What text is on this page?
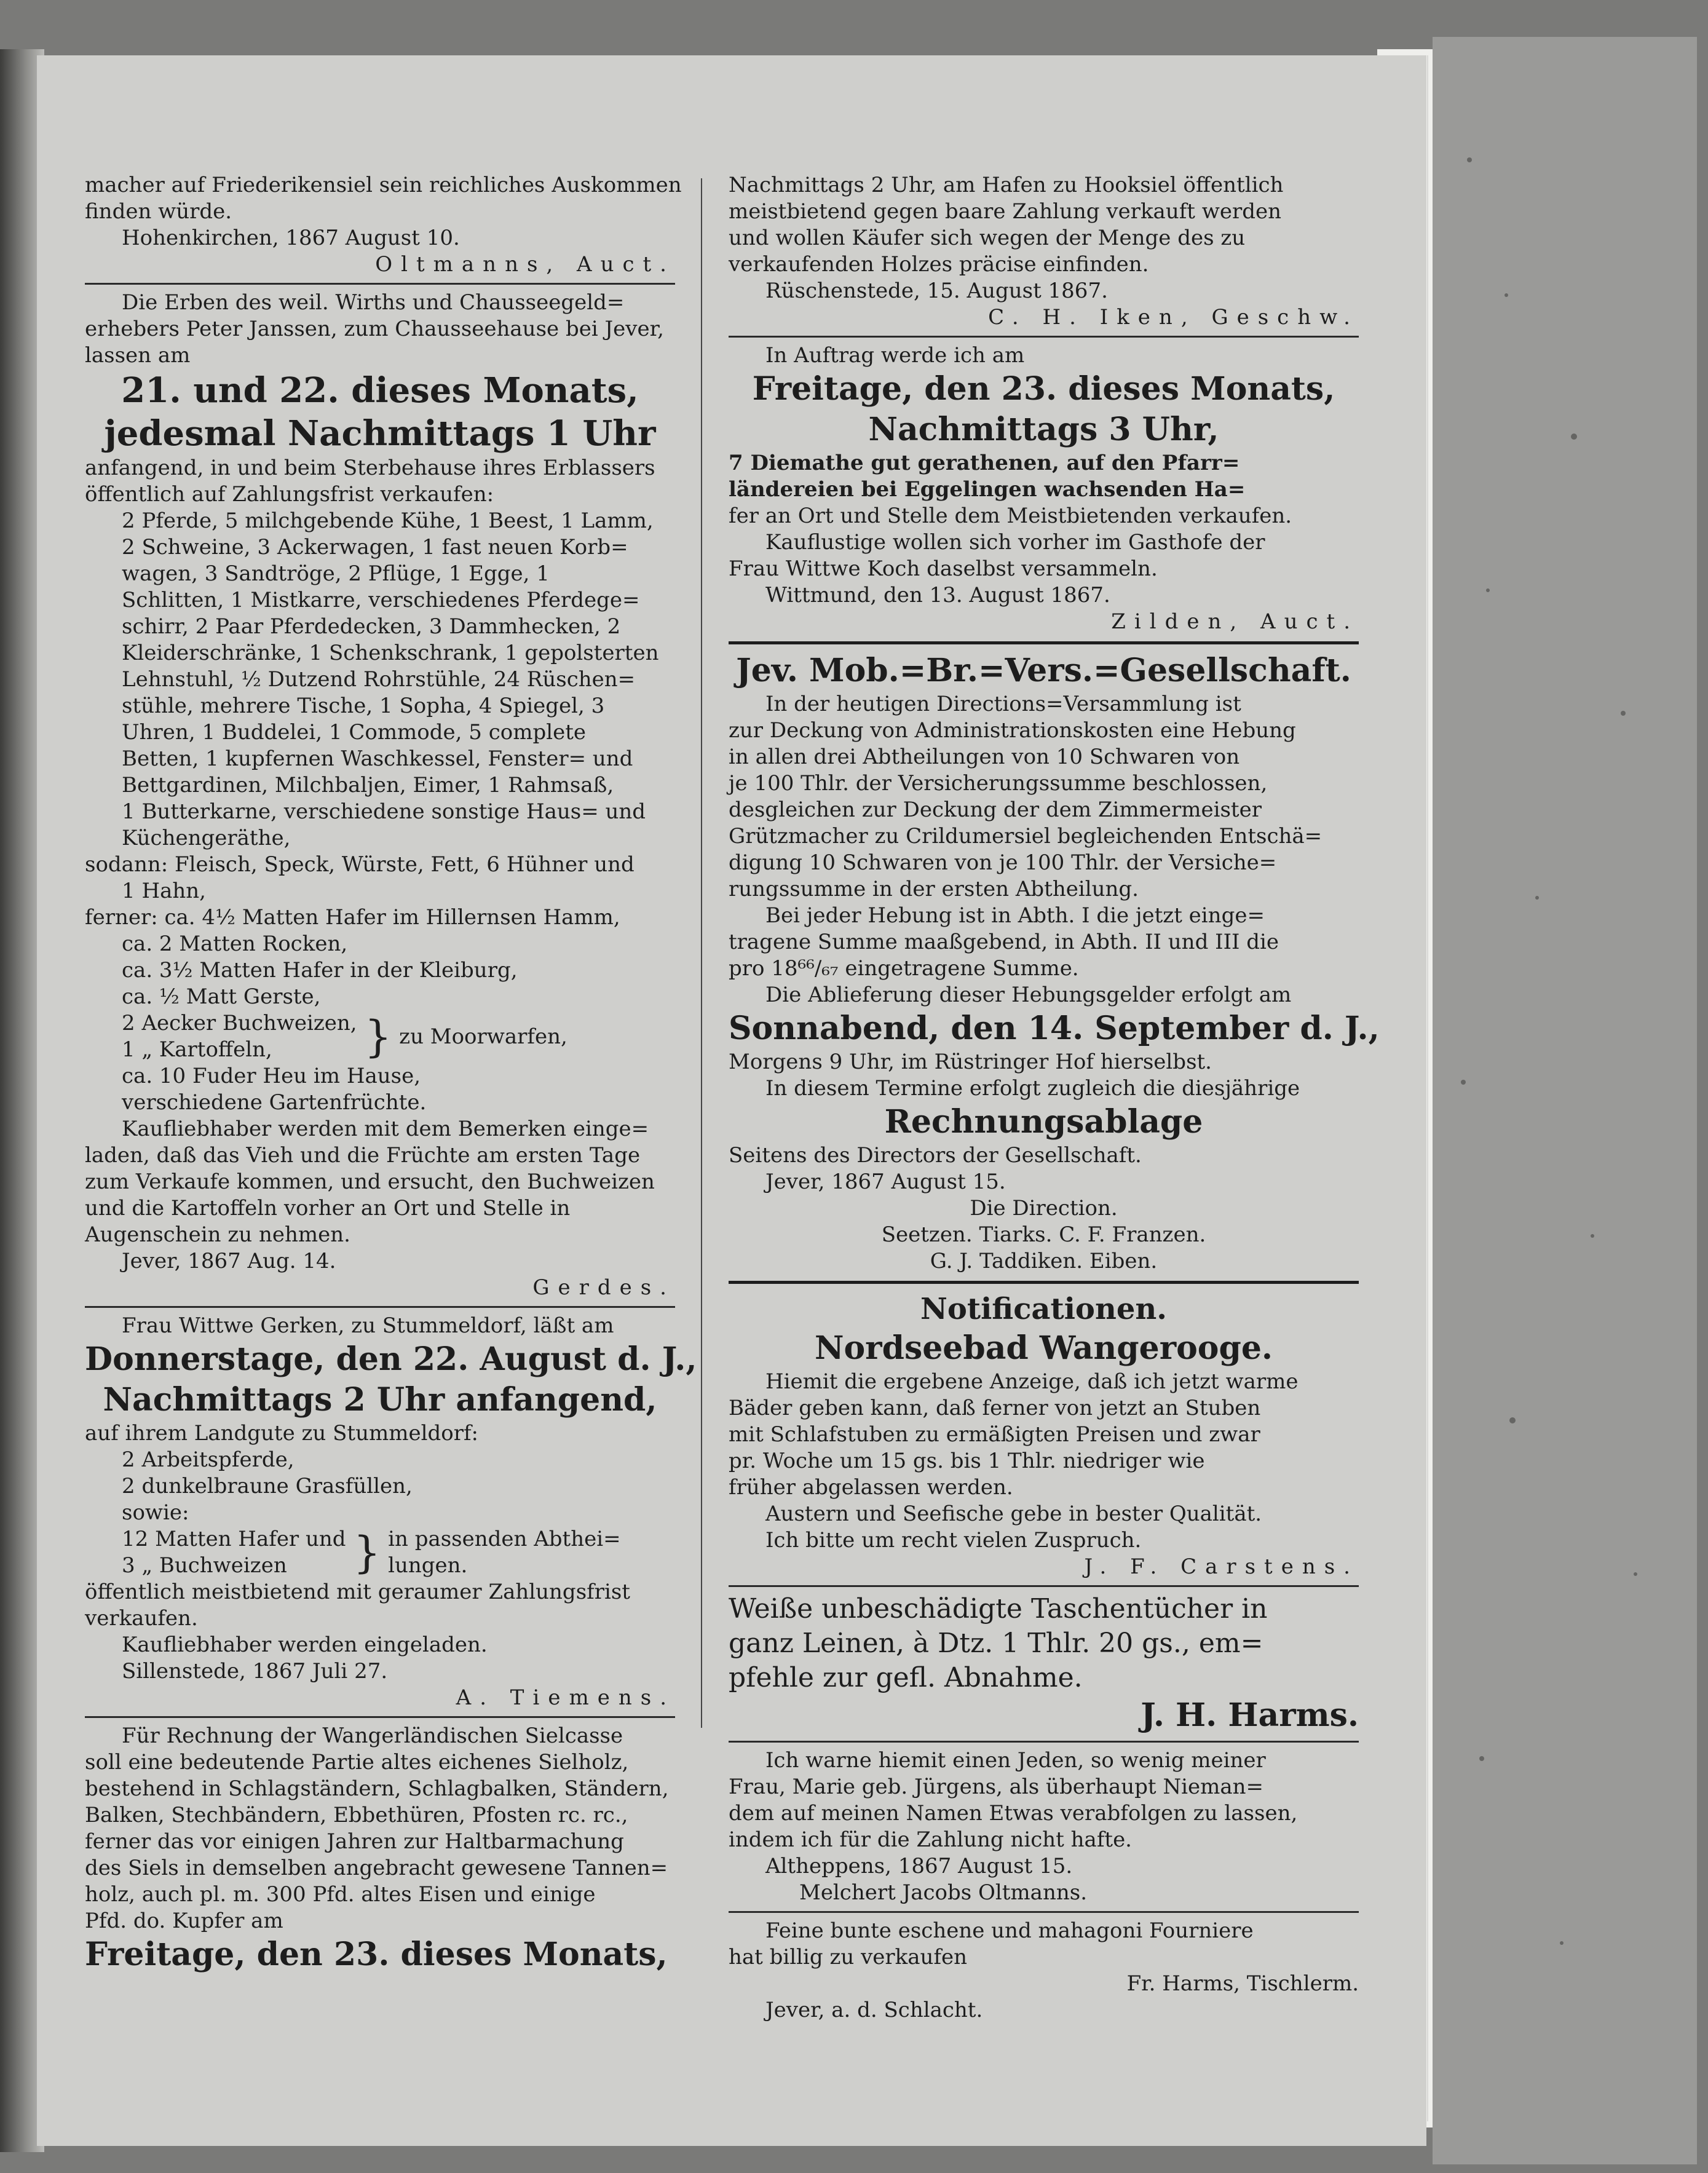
macher auf Friederikensiel sein reichliches Auskommen

finden würde.

Hohenkirchen, 1867 August 10.

Oltmanns, Auct.

Die Erben des weil. Wirths und Chausseegeld=

erhebers Peter Janssen, zum Chausseehause bei Jever,

lassen am

21. und 22. dieses Monats,

jedesmal Nachmittags 1 Uhr

anfangend, in und beim Sterbehause ihres Erblassers

öffentlich auf Zahlungsfrist verkaufen:

2 Pferde, 5 milchgebende Kühe, 1 Beest, 1 Lamm,

2 Schweine, 3 Ackerwagen, 1 fast neuen Korb=

wagen, 3 Sandtröge, 2 Pflüge, 1 Egge, 1

Schlitten, 1 Mistkarre, verschiedenes Pferdege=

schirr, 2 Paar Pferdedecken, 3 Dammhecken, 2

Kleiderschränke, 1 Schenkschrank, 1 gepolsterten

Lehnstuhl, ½ Dutzend Rohrstühle, 24 Rüschen=

stühle, mehrere Tische, 1 Sopha, 4 Spiegel, 3

Uhren, 1 Buddelei, 1 Commode, 5 complete

Betten, 1 kupfernen Waschkessel, Fenster= und

Bettgardinen, Milchbaljen, Eimer, 1 Rahmsaß,

1 Butterkarne, verschiedene sonstige Haus= und

Küchengeräthe,

sodann: Fleisch, Speck, Würste, Fett, 6 Hühner und

1 Hahn,

ferner: ca. 4½ Matten Hafer im Hillernsen Hamm,

ca. 2 Matten Rocken,

ca. 3½ Matten Hafer in der Kleiburg,

ca. ½ Matt Gerste,

2 Aecker Buchweizen,
1 „ Kartoffeln,	} zu Moorwarfen,

ca. 10 Fuder Heu im Hause,

verschiedene Gartenfrüchte.

Kaufliebhaber werden mit dem Bemerken einge=

laden, daß das Vieh und die Früchte am ersten Tage

zum Verkaufe kommen, und ersucht, den Buchweizen

und die Kartoffeln vorher an Ort und Stelle in

Augenschein zu nehmen.

Jever, 1867 Aug. 14.

Gerdes.

Frau Wittwe Gerken, zu Stummeldorf, läßt am

Donnerstage, den 22. August d. J.,

Nachmittags 2 Uhr anfangend,

auf ihrem Landgute zu Stummeldorf:

2 Arbeitspferde,

2 dunkelbraune Grasfüllen,

sowie:

12 Matten Hafer und
3 „ Buchweizen	} in passenden Abthei=
lungen.

öffentlich meistbietend mit geraumer Zahlungsfrist

verkaufen.

Kaufliebhaber werden eingeladen.

Sillenstede, 1867 Juli 27.

A. Tiemens.

Für Rechnung der Wangerländischen Sielcasse

soll eine bedeutende Partie altes eichenes Sielholz,

bestehend in Schlagständern, Schlagbalken, Ständern,

Balken, Stechbändern, Ebbethüren, Pfosten rc. rc.,

ferner das vor einigen Jahren zur Haltbarmachung

des Siels in demselben angebracht gewesene Tannen=

holz, auch pl. m. 300 Pfd. altes Eisen und einige

Pfd. do. Kupfer am

Freitage, den 23. dieses Monats,

Nachmittags 2 Uhr, am Hafen zu Hooksiel öffentlich

meistbietend gegen baare Zahlung verkauft werden

und wollen Käufer sich wegen der Menge des zu

verkaufenden Holzes präcise einfinden.

Rüschenstede, 15. August 1867.

C. H. Iken, Geschw.

In Auftrag werde ich am

Freitage, den 23. dieses Monats,

Nachmittags 3 Uhr,

7 Diemathe gut gerathenen, auf den Pfarr=

ländereien bei Eggelingen wachsenden Ha=

fer an Ort und Stelle dem Meistbietenden verkaufen.

Kauflustige wollen sich vorher im Gasthofe der

Frau Wittwe Koch daselbst versammeln.

Wittmund, den 13. August 1867.

Zilden, Auct.

Jev. Mob.=Br.=Vers.=Gesellschaft.

In der heutigen Directions=Versammlung ist

zur Deckung von Administrationskosten eine Hebung

in allen drei Abtheilungen von 10 Schwaren von

je 100 Thlr. der Versicherungssumme beschlossen,

desgleichen zur Deckung der dem Zimmermeister

Grützmacher zu Crildumersiel begleichenden Entschä=

digung 10 Schwaren von je 100 Thlr. der Versiche=

rungssumme in der ersten Abtheilung.

Bei jeder Hebung ist in Abth. I die jetzt einge=

tragene Summe maaßgebend, in Abth. II und III die

pro 18⁶⁶/₆₇ eingetragene Summe.

Die Ablieferung dieser Hebungsgelder erfolgt am

Sonnabend, den 14. September d. J.,

Morgens 9 Uhr, im Rüstringer Hof hierselbst.

In diesem Termine erfolgt zugleich die diesjährige

Rechnungsablage

Seitens des Directors der Gesellschaft.

Jever, 1867 August 15.

Die Direction.

Seetzen. Tiarks. C. F. Franzen.

G. J. Taddiken. Eiben.

Notificationen.

Nordseebad Wangerooge.

Hiemit die ergebene Anzeige, daß ich jetzt warme

Bäder geben kann, daß ferner von jetzt an Stuben

mit Schlafstuben zu ermäßigten Preisen und zwar

pr. Woche um 15 gs. bis 1 Thlr. niedriger wie

früher abgelassen werden.

Austern und Seefische gebe in bester Qualität.

Ich bitte um recht vielen Zuspruch.

J. F. Carstens.

Weiße unbeschädigte Taschentücher in

ganz Leinen, à Dtz. 1 Thlr. 20 gs., em=

pfehle zur gefl. Abnahme.

J. H. Harms.

Ich warne hiemit einen Jeden, so wenig meiner

Frau, Marie geb. Jürgens, als überhaupt Nieman=

dem auf meinen Namen Etwas verabfolgen zu lassen,

indem ich für die Zahlung nicht hafte.

Altheppens, 1867 August 15.

Melchert Jacobs Oltmanns.

Feine bunte eschene und mahagoni Fourniere

hat billig zu verkaufen

Fr. Harms, Tischlerm.

Jever, a. d. Schlacht.
